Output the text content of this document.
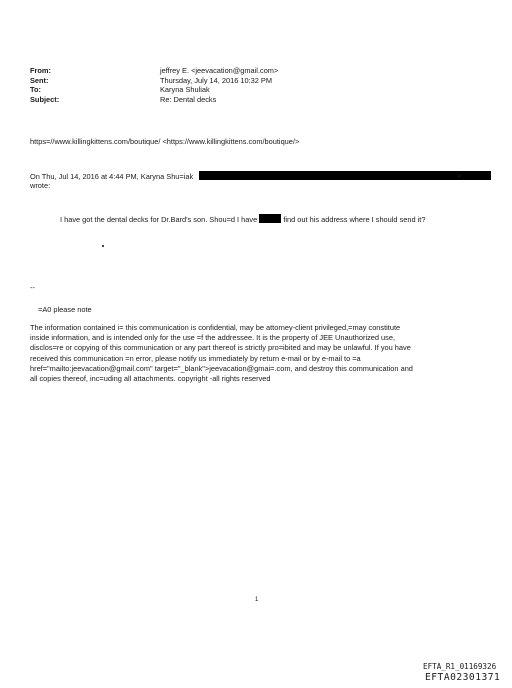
From:	jeffrey E. <jeevacation@gmail.com>
Sent:	Thursday, July 14, 2016 10:32 PM
To:	Karyna Shuliak
Subject:	Re: Dental decks
https=//www.killingkittens.com/boutique/ <https://www.killingkittens.com/boutique/>
On Thu, Jul 14, 2016 at 4:44 PM, Karyna Shu=iak	>
wrote:
I have got the dental decks for Dr.Bard's son. Shou=d I have	find out his address where I should send it?
--
=A0 please note
The information contained i= this communication is confidential, may be attorney-client privileged,=may constitute
inside information, and is intended only for the use =f the addressee. It is the property of JEE Unauthorized use,
disclos=re or copying of this communication or any part thereof is strictly pro=ibited and may be unlawful. If you have
received this communication =n error, please notify us immediately by return e-mail or by e-mail to =a
href="mailto:jeevacation@gmail.com" target="_blank">jeevacation@gmai=.com, and destroy this communication and
all copies thereof, inc=uding all attachments. copyright -all rights reserved
1
EFTA_R1_01169326
EFTA02301371
